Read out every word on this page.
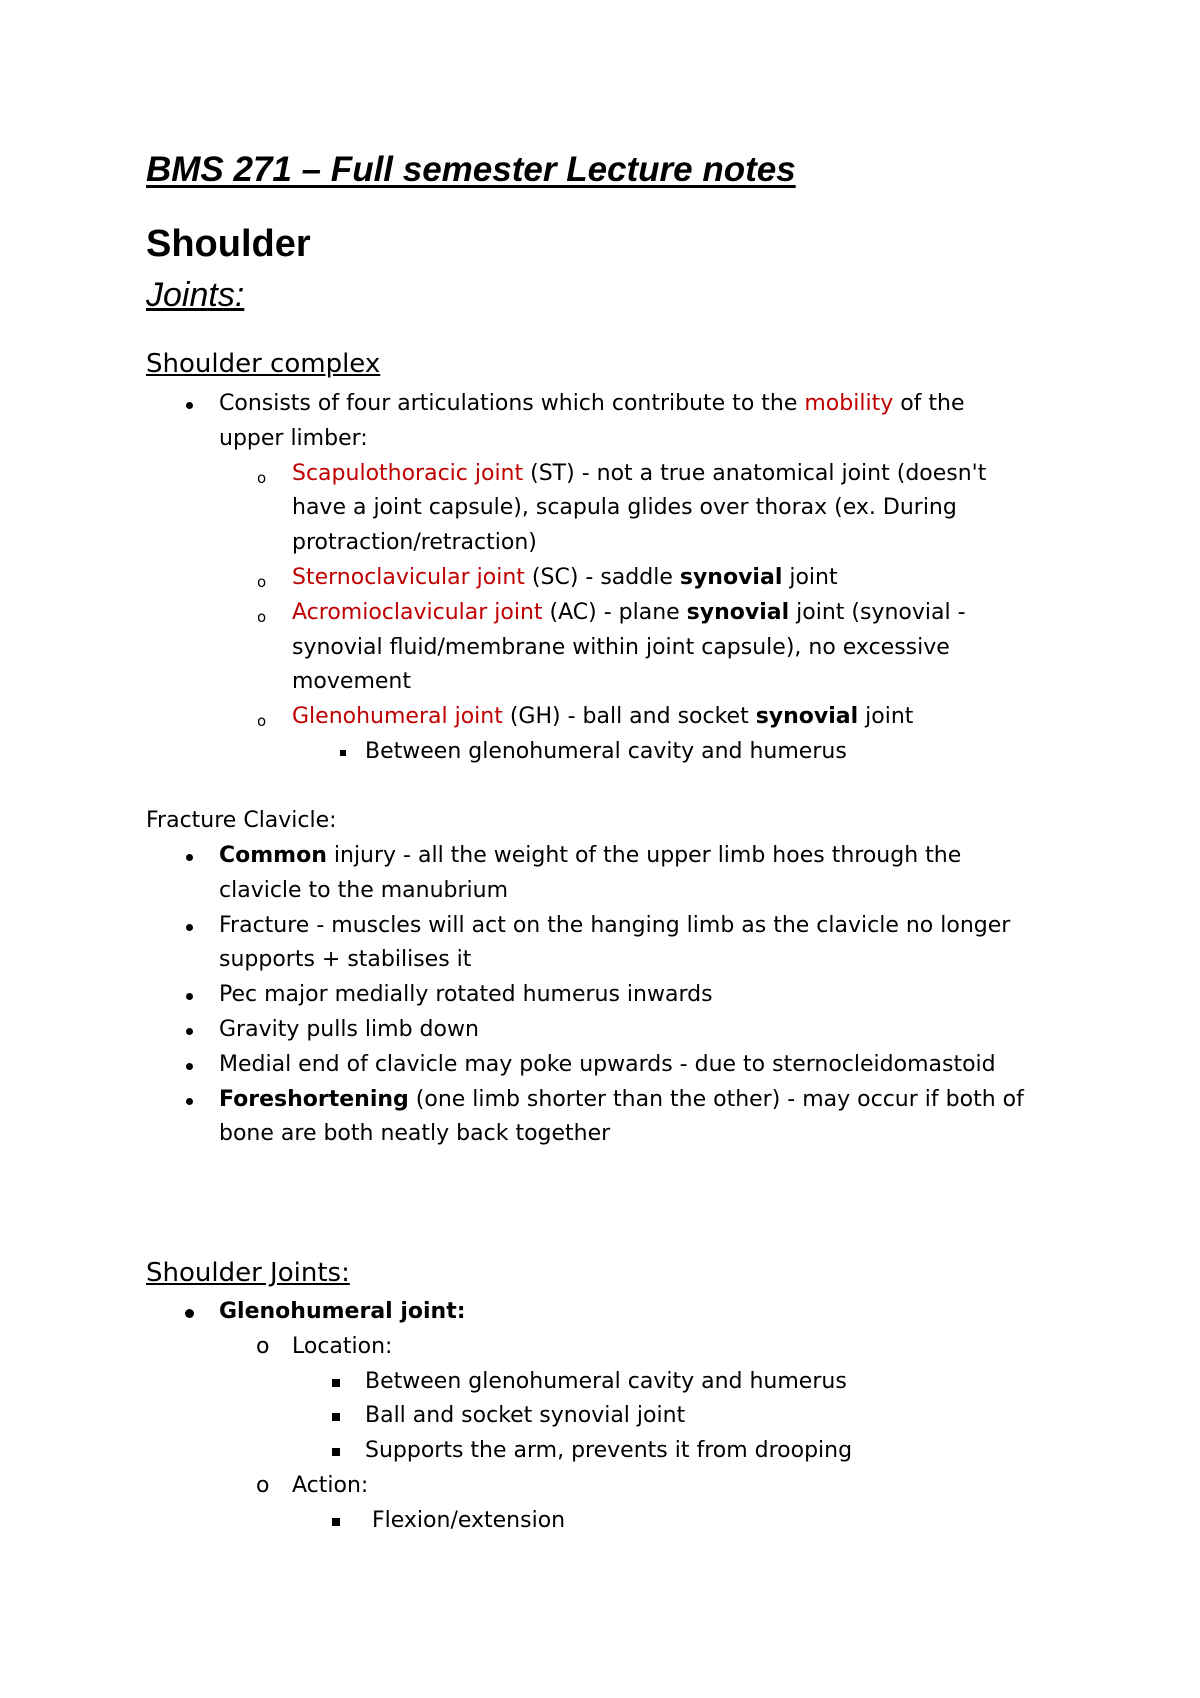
BMS 271 – Full semester Lecture notes
Shoulder
Joints:
Shoulder complex
Consists of four articulations which contribute to the mobility of the
upper limber:
o Scapulothoracic joint (ST) - not a true anatomical joint (doesn't
have a joint capsule), scapula glides over thorax (ex. During
protraction/retraction)
o Sternoclavicular joint (SC) - saddle synovial joint
o Acromioclavicular joint (AC) - plane synovial joint (synovial -
synovial fluid/membrane within joint capsule), no excessive
movement
o Glenohumeral joint (GH) - ball and socket synovial joint
Between glenohumeral cavity and humerus
Fracture Clavicle:
Common injury - all the weight of the upper limb hoes through the
clavicle to the manubrium
Fracture - muscles will act on the hanging limb as the clavicle no longer
supports + stabilises it
Pec major medially rotated humerus inwards
Gravity pulls limb down
Medial end of clavicle may poke upwards - due to sternocleidomastoid
Foreshortening (one limb shorter than the other) - may occur if both of
bone are both neatly back together
Shoulder Joints:
Glenohumeral joint:
o Location:
Between glenohumeral cavity and humerus
Ball and socket synovial joint
Supports the arm, prevents it from drooping
o Action:
Flexion/extension
